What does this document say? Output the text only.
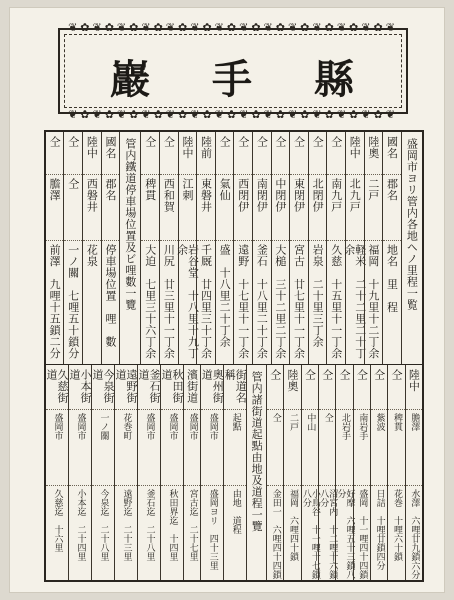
❦✿❦✿❦✿❦✿❦✿❦✿❦✿❦✿❦✿❦✿❦✿❦✿❦✿❦
巖 手 縣
❦✿❦✿❦✿❦✿❦✿❦✿❦✿❦✿❦✿❦✿❦✿❦✿❦✿❦
盛岡市ヨリ管内各地ヘノ里程一覧
國名
郡名
地名　里　程
陸奧
二戸
福岡　十九里十二丁余
陸中
北九戸
軽米　二十二里二十丁余
仝
南九戸
久慈　十五里十一丁余
仝
北閉伊
岩泉　二十里三丁余
仝
東閉伊
宮古　廿七里十一丁余
仝
中閉伊
大槌　三十二里二丁余
仝
南閉伊
釜石　十八里二十丁余
仝
西閉伊
遠野　十七里十一丁余
仝
氣仙
盛　十八里二十丁余
陸前
東磐井
千厩　廿四里三十丁余
陸中
江刺
岩谷堂　十八里十九丁余
仝
西和賀
川尻　廿三里十一丁余
仝
稗貫
大迫　七里三十六丁余
管内鐵道停車場位置及ビ哩數一覽
國名
郡名
停車場位置　哩　數
陸中
西磐井
花泉　
仝
仝
一ノ關　七哩五十鎖分
仝
膽澤
前澤　九哩十五鎖二分
陸中
膽澤
水澤　六哩廿九鎖六分
仝
稗貫
花巻　十哩六十鎖
仝
紫波
日詰　十哩廿鎖四分
仝
南岩手
盛岡　十一哩四十四鎖
仝
北岩手
好摩　六哩五十三鎖八分
仝
仝
沼宮内　十二哩十六鎖八分
仝
中山
小鳥谷　十一哩十七鎖八分
陸奧
二戸
福岡　六哩四十鎖
仝
仝
金田一　六哩四十四鎖
管内諸街道起點由地及道程一覽
街道名稱
起點
由地　道程
奧州街道
盛岡市
盛岡ヨリ　四十三里
濱街道
盛岡市
宮古迄　二十七里
秋田街道
盛岡市
秋田界迄　十四里
釜石街道
盛岡市
釜石迄　二十八里
遠野街道
花巻町
遠野迄　二十三里
今泉街道
一ノ關
今泉迄　二十八里
小本街道
盛岡市
小本迄　二十四里
久慈街道
盛岡市
久慈迄　十六里
